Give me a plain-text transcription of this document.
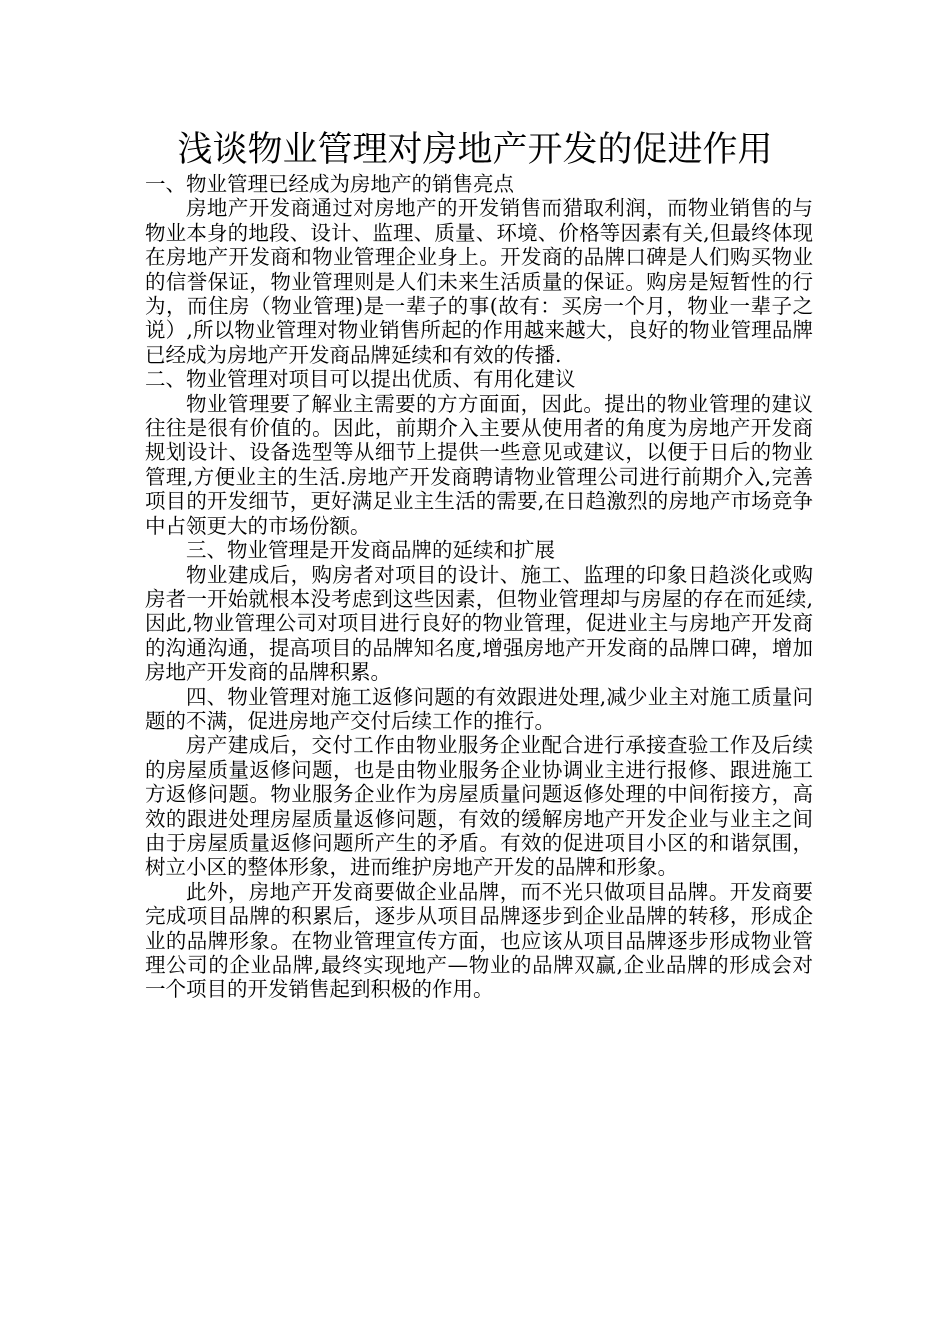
浅谈物业管理对房地产开发的促进作用

一、物业管理已经成为房地产的销售亮点

房地产开发商通过对房地产的开发销售而猎取利润，而物业销售的与物业本身的地段、设计、监理、质量、环境、价格等因素有关,但最终体现在房地产开发商和物业管理企业身上。开发商的品牌口碑是人们购买物业的信誉保证，物业管理则是人们未来生活质量的保证。购房是短暂性的行为，而住房（物业管理)是一辈子的事(故有：买房一个月，物业一辈子之说）,所以物业管理对物业销售所起的作用越来越大，良好的物业管理品牌已经成为房地产开发商品牌延续和有效的传播.

二、物业管理对项目可以提出优质、有用化建议

物业管理要了解业主需要的方方面面，因此。提出的物业管理的建议往往是很有价值的。因此，前期介入主要从使用者的角度为房地产开发商规划设计、设备选型等从细节上提供一些意见或建议，以便于日后的物业管理,方便业主的生活.房地产开发商聘请物业管理公司进行前期介入,完善项目的开发细节，更好满足业主生活的需要,在日趋激烈的房地产市场竞争中占领更大的市场份额。

三、物业管理是开发商品牌的延续和扩展

物业建成后，购房者对项目的设计、施工、监理的印象日趋淡化或购房者一开始就根本没考虑到这些因素，但物业管理却与房屋的存在而延续,因此,物业管理公司对项目进行良好的物业管理，促进业主与房地产开发商的沟通沟通，提高项目的品牌知名度,增强房地产开发商的品牌口碑，增加房地产开发商的品牌积累。

四、物业管理对施工返修问题的有效跟进处理,减少业主对施工质量问题的不满，促进房地产交付后续工作的推行。

房产建成后，交付工作由物业服务企业配合进行承接查验工作及后续的房屋质量返修问题，也是由物业服务企业协调业主进行报修、跟进施工方返修问题。物业服务企业作为房屋质量问题返修处理的中间衔接方，高效的跟进处理房屋质量返修问题，有效的缓解房地产开发企业与业主之间由于房屋质量返修问题所产生的矛盾。有效的促进项目小区的和谐氛围，树立小区的整体形象，进而维护房地产开发的品牌和形象。

此外，房地产开发商要做企业品牌，而不光只做项目品牌。开发商要完成项目品牌的积累后，逐步从项目品牌逐步到企业品牌的转移，形成企业的品牌形象。在物业管理宣传方面，也应该从项目品牌逐步形成物业管理公司的企业品牌,最终实现地产—物业的品牌双赢,企业品牌的形成会对一个项目的开发销售起到积极的作用。
